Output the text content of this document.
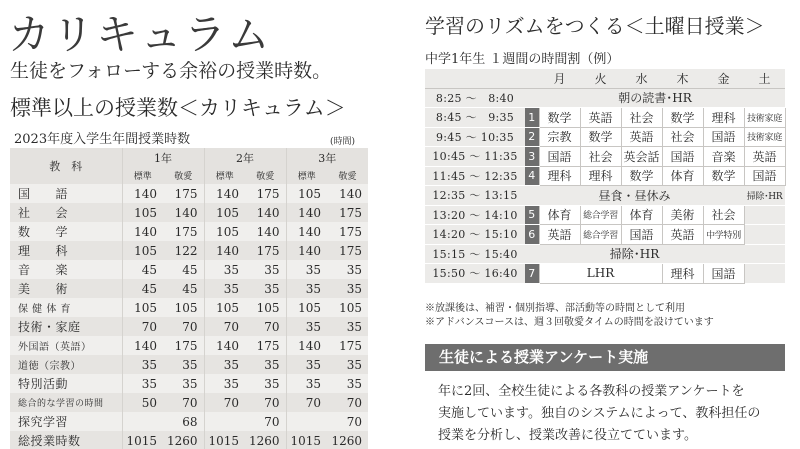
カリキュラム
生徒をフォローする余裕の授業時数。
標準以上の授業数＜カリキュラム＞
2023年度入学生年間授業時数	(時間)
教　科	1年		2年		3年	
	標準	敬愛	標準	敬愛	標準	敬愛
国　　語	140	175	140	175	105	140
社　　会	105	140	105	140	140	175
数　　学	140	175	105	140	140	175
理　　科	105	122	140	175	140	175
音　　楽	45	45	35	35	35	35
美　　術	45	45	35	35	35	35
保 健 体 育	105	105	105	105	105	105
技術・家庭	70	70	70	70	35	35
外国語（英語）	140	175	140	175	140	175
道徳（宗教）	35	35	35	35	35	35
特別活動	35	35	35	35	35	35
総合的な学習の時間	50	70	70	70	70	70
探究学習		68		70		70
総授業時数	1015	1260	1015	1260	1015	1260
学習のリズムをつくる＜土曜日授業＞
中学1年生 １週間の時間割（例）
		月	火	水	木	金	土
8:25 〜　8:40	朝の読書･HR						
8:45 〜　9:35	1	数学	英語	社会	数学	理科	技術家庭
9:45 〜 10:35	2	宗教	数学	英語	社会	国語	技術家庭
10:45 〜 11:35	3	国語	社会	英会話	国語	音楽	英語
11:45 〜 12:35	4	理科	理科	数学	体育	数学	国語
12:35 〜 13:15	昼食・昼休み						掃除･HR
13:20 〜 14:10	5	体育	総合学習	体育	美術	社会	
14:20 〜 15:10	6	英語	総合学習	国語	英語	中学特別	
15:15 〜 15:40	掃除･HR						
15:50 〜 16:40	7	LHR			理科	国語	
※放課後は、補習・個別指導、部活動等の時間として利用
※アドバンスコースは、週３回敬愛タイムの時間を設けています
生徒による授業アンケート実施
年に2回、全校生徒による各教科の授業アンケートを
実施しています。独自のシステムによって、教科担任の
授業を分析し、授業改善に役立てています。
